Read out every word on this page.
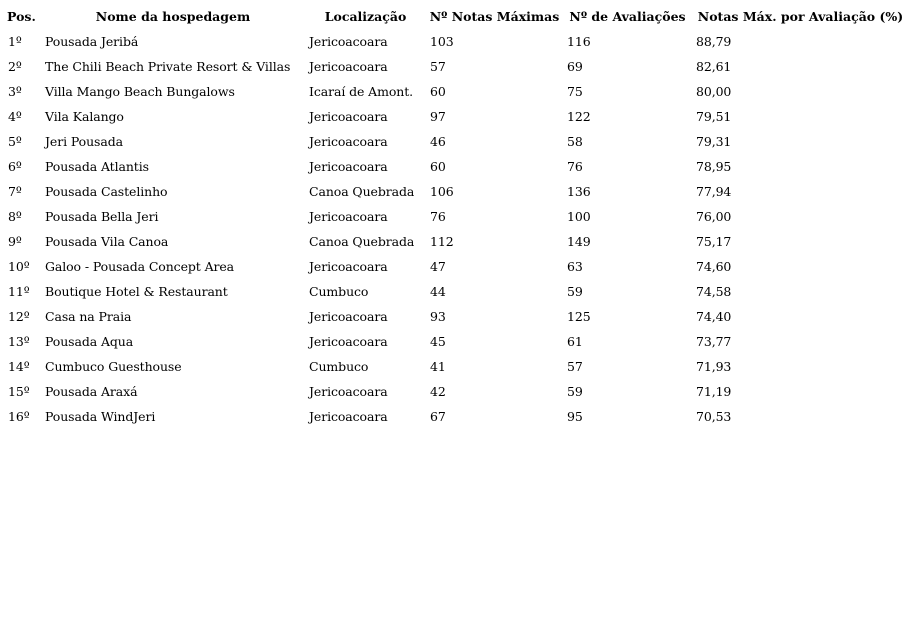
Pos.	Nome da hospedagem	Localização	Nº Notas Máximas	Nº de Avaliações	Notas Máx. por Avaliação (%)
1º	Pousada Jeribá	Jericoacoara	103	116	88,79
2º	The Chili Beach Private Resort & Villas	Jericoacoara	57	69	82,61
3º	Villa Mango Beach Bungalows	Icaraí de Amont.	60	75	80,00
4º	Vila Kalango	Jericoacoara	97	122	79,51
5º	Jeri Pousada	Jericoacoara	46	58	79,31
6º	Pousada Atlantis	Jericoacoara	60	76	78,95
7º	Pousada Castelinho	Canoa Quebrada	106	136	77,94
8º	Pousada Bella Jeri	Jericoacoara	76	100	76,00
9º	Pousada Vila Canoa	Canoa Quebrada	112	149	75,17
10º	Galoo - Pousada Concept Area	Jericoacoara	47	63	74,60
11º	Boutique Hotel & Restaurant	Cumbuco	44	59	74,58
12º	Casa na Praia	Jericoacoara	93	125	74,40
13º	Pousada Aqua	Jericoacoara	45	61	73,77
14º	Cumbuco Guesthouse	Cumbuco	41	57	71,93
15º	Pousada Araxá	Jericoacoara	42	59	71,19
16º	Pousada WindJeri	Jericoacoara	67	95	70,53
